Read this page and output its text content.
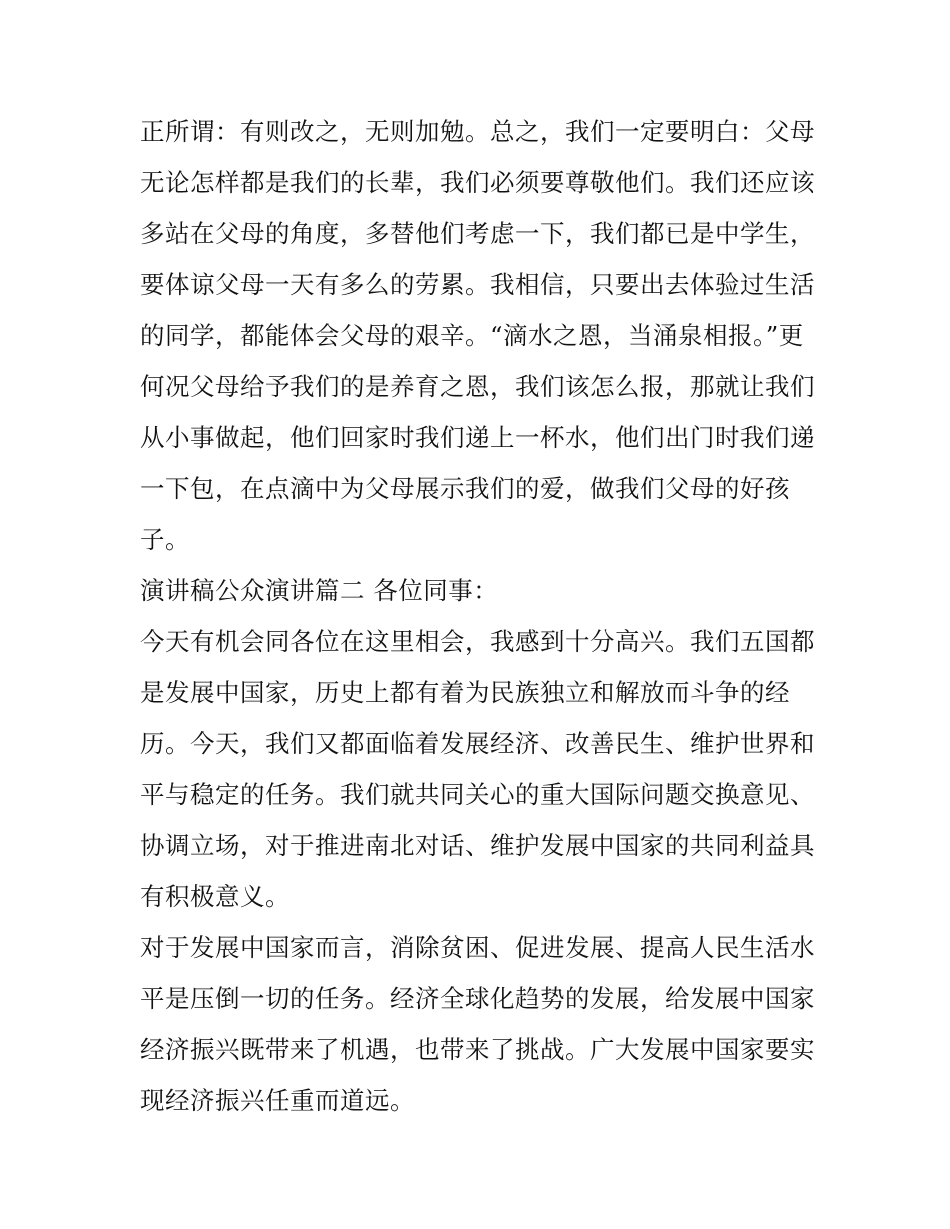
正所谓：有则改之，无则加勉。总之，我们一定要明白：父母
无论怎样都是我们的长辈，我们必须要尊敬他们。我们还应该
多站在父母的角度，多替他们考虑一下，我们都已是中学生，
要体谅父母一天有多么的劳累。我相信，只要出去体验过生活
的同学，都能体会父母的艰辛。“滴水之恩，当涌泉相报。”更
何况父母给予我们的是养育之恩，我们该怎么报，那就让我们
从小事做起，他们回家时我们递上一杯水，他们出门时我们递
一下包，在点滴中为父母展示我们的爱，做我们父母的好孩
子。
演讲稿公众演讲篇二 各位同事：
今天有机会同各位在这里相会，我感到十分高兴。我们五国都
是发展中国家，历史上都有着为民族独立和解放而斗争的经
历。今天，我们又都面临着发展经济、改善民生、维护世界和
平与稳定的任务。我们就共同关心的重大国际问题交换意见、
协调立场，对于推进南北对话、维护发展中国家的共同利益具
有积极意义。
对于发展中国家而言，消除贫困、促进发展、提高人民生活水
平是压倒一切的任务。经济全球化趋势的发展，给发展中国家
经济振兴既带来了机遇，也带来了挑战。广大发展中国家要实
现经济振兴任重而道远。
